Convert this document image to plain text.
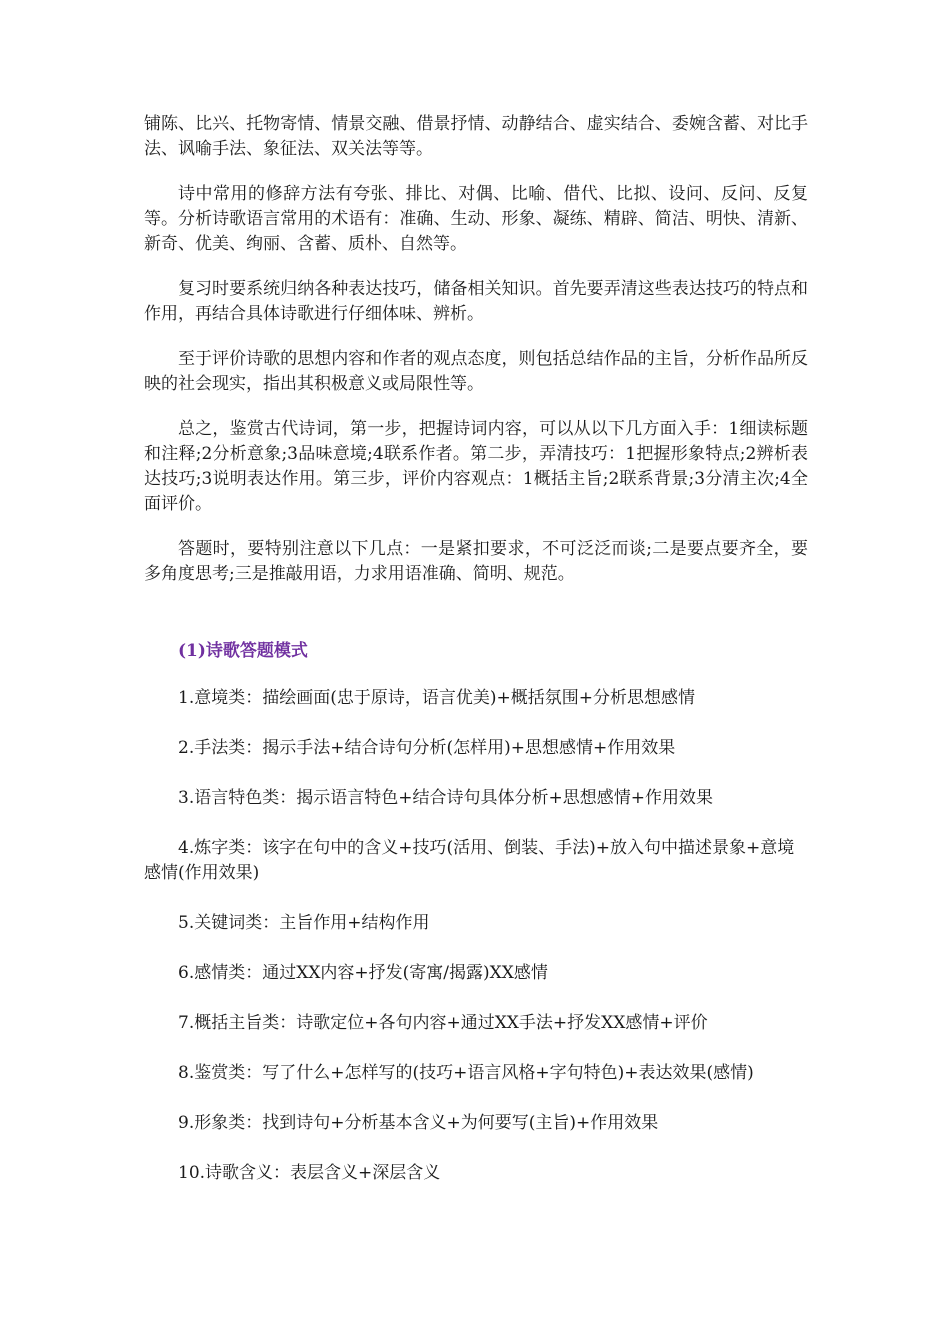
铺陈、比兴、托物寄情、情景交融、借景抒情、动静结合、虚实结合、委婉含蓄、对比手法、讽喻手法、象征法、双关法等等。

诗中常用的修辞方法有夸张、排比、对偶、比喻、借代、比拟、设问、反问、反复等。分析诗歌语言常用的术语有：准确、生动、形象、凝练、精辟、简洁、明快、清新、新奇、优美、绚丽、含蓄、质朴、自然等。

复习时要系统归纳各种表达技巧，储备相关知识。首先要弄清这些表达技巧的特点和作用，再结合具体诗歌进行仔细体味、辨析。

至于评价诗歌的思想内容和作者的观点态度，则包括总结作品的主旨，分析作品所反映的社会现实，指出其积极意义或局限性等。

总之，鉴赏古代诗词，第一步，把握诗词内容，可以从以下几方面入手：1细读标题和注释;2分析意象;3品味意境;4联系作者。第二步，弄清技巧：1把握形象特点;2辨析表达技巧;3说明表达作用。第三步，评价内容观点：1概括主旨;2联系背景;3分清主次;4全面评价。

答题时，要特别注意以下几点：一是紧扣要求，不可泛泛而谈;二是要点要齐全，要多角度思考;三是推敲用语，力求用语准确、简明、规范。

(1)诗歌答题模式

1.意境类：描绘画面(忠于原诗，语言优美)+概括氛围+分析思想感情

2.手法类：揭示手法+结合诗句分析(怎样用)+思想感情+作用效果

3.语言特色类：揭示语言特色+结合诗句具体分析+思想感情+作用效果

4.炼字类：该字在句中的含义+技巧(活用、倒装、手法)+放入句中描述景象+意境感情(作用效果)

5.关键词类：主旨作用+结构作用

6.感情类：通过XX内容+抒发(寄寓/揭露)XX感情

7.概括主旨类：诗歌定位+各句内容+通过XX手法+抒发XX感情+评价

8.鉴赏类：写了什么+怎样写的(技巧+语言风格+字句特色)+表达效果(感情)

9.形象类：找到诗句+分析基本含义+为何要写(主旨)+作用效果

10.诗歌含义：表层含义+深层含义
